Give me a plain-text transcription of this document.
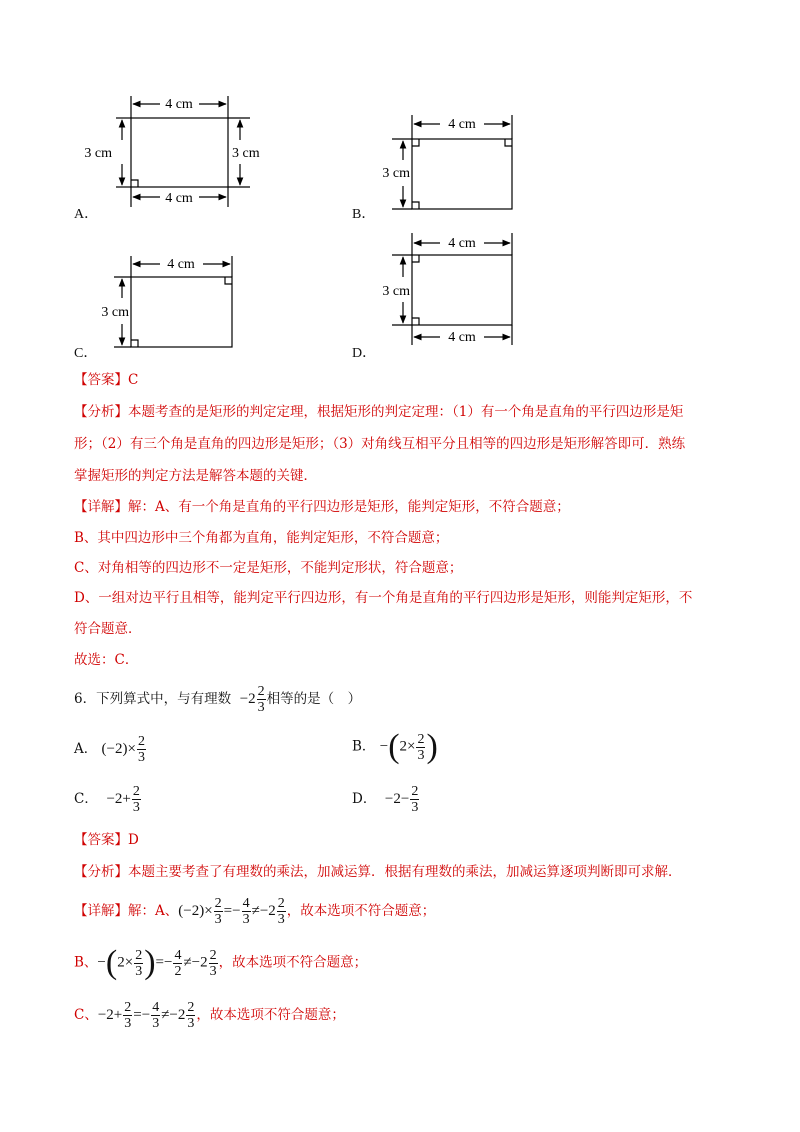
4 cm
4 cm
3 cm	3 cm
4 cm
3 cm
4 cm
3 cm
4 cm
4 cm
3 cm
A．	B．
C．	D．
【答案】C
【分析】本题考查的是矩形的判定定理，根据矩形的判定定理：（1）有一个角是直角的平行四边形是矩
形；（2）有三个角是直角的四边形是矩形；（3）对角线互相平分且相等的四边形是矩形解答即可．熟练
掌握矩形的判定方法是解答本题的关键．
【详解】解：A、有一个角是直角的平行四边形是矩形，能判定矩形，不符合题意；
B、其中四边形中三个角都为直角，能判定矩形，不符合题意；
C、对角相等的四边形不一定是矩形，不能判定形状，符合题意；
D、一组对边平行且相等，能判定平行四边形，有一个角是直角的平行四边形是矩形，则能判定矩形，不
符合题意．
故选：C．
6．下列算式中，与有理数 $-2 \frac{2}{3}$ 相等的是（　）
A． $(-2)\times \frac{2}{3}$	B． $-(2\times \frac{2}{3}$ )
C． $-2+ \frac{2}{3}$	D． $-2- \frac{2}{3}$
【答案】D
【分析】本题主要考查了有理数的乘法，加减运算．根据有理数的乘法，加减运算逐项判断即可求解．
【详解】解：A、$(-2)\times \frac{2}{3} =- \frac{4}{3} \ne-2 \frac{2}{3}$ ，故本选项不符合题意；
B、$-(2\times \frac{2}{3}$ )=− $\frac{4}{2} \ne-2 \frac{2}{3}$ ，故本选项不符合题意；
C、$-2+ \frac{2}{3} =- \frac{4}{3} \ne-2 \frac{2}{3}$ ，故本选项不符合题意；
